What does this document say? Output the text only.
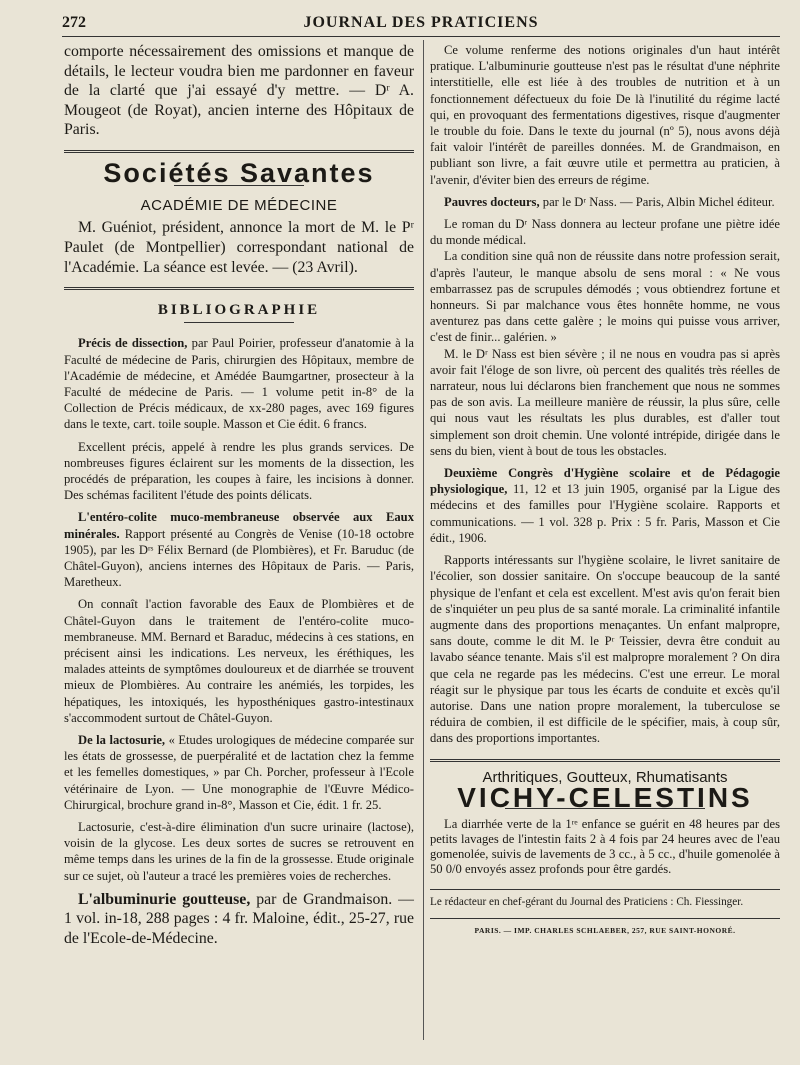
272	JOURNAL DES PRATICIENS

comporte nécessairement des omissions et manque de détails, le lecteur voudra bien me pardonner en faveur de la clarté que j'ai essayé d'y mettre. — Dʳ A. Mougeot (de Royat), ancien interne des Hôpitaux de Paris.

Sociétés Savantes
ACADÉMIE DE MÉDECINE

M. Guéniot, président, annonce la mort de M. le Pʳ Paulet (de Montpellier) correspondant national de l'Académie. La séance est levée. — (23 Avril).

BIBLIOGRAPHIE

Précis de dissection, par Paul Poirier, professeur d'anatomie à la Faculté de médecine de Paris, chirurgien des Hôpitaux, membre de l'Académie de médecine, et Amédée Baumgartner, prosecteur à la Faculté de médecine de Paris. — 1 volume petit in-8° de la Collection de Précis médicaux, de xx-280 pages, avec 169 figures dans le texte, cart. toile souple. Masson et Cie édit. 6 francs.

Excellent précis, appelé à rendre les plus grands services. De nombreuses figures éclairent sur les moments de la dissection, les procédés de préparation, les coupes à faire, les incisions à donner. Des schémas facilitent l'étude des points délicats.

L'entéro-colite muco-membraneuse observée aux Eaux minérales. Rapport présenté au Congrès de Venise (10-18 octobre 1905), par les Dʳˢ Félix Bernard (de Plombières), et Fr. Baruduc (de Châtel-Guyon), anciens internes des Hôpitaux de Paris. — Paris, Maretheux.

On connaît l'action favorable des Eaux de Plombières et de Châtel-Guyon dans le traitement de l'entéro-colite muco-membraneuse. MM. Bernard et Baraduc, médecins à ces stations, en précisent ainsi les indications. Les nerveux, les éréthiques, les malades atteints de symptômes douloureux et de diarrhée se trouvent mieux de Plombières. Au contraire les anémiés, les torpides, les hépatiques, les intoxiqués, les hyposthéniques gastro-intestinaux s'accommodent surtout de Châtel-Guyon.

De la lactosurie, « Etudes urologiques de médecine comparée sur les états de grossesse, de puerpéralité et de lactation chez la femme et les femelles domestiques, » par Ch. Porcher, professeur à l'Ecole vétérinaire de Lyon. — Une monographie de l'Œuvre Médico-Chirurgical, brochure grand in-8°, Masson et Cie, édit. 1 fr. 25.

Lactosurie, c'est-à-dire élimination d'un sucre urinaire (lactose), voisin de la glycose. Les deux sortes de sucres se retrouvent en même temps dans les urines de la fin de la grossesse. Etude originale sur ce sujet, où l'auteur a tracé les premières voies de recherches.

L'albuminurie goutteuse, par de Grandmaison. — 1 vol. in-18, 288 pages : 4 fr. Maloine, édit., 25-27, rue de l'Ecole-de-Médecine.

Ce volume renferme des notions originales d'un haut intérêt pratique. L'albuminurie goutteuse n'est pas le résultat d'une néphrite interstitielle, elle est liée à des troubles de nutrition et à un fonctionnement défectueux du foie De là l'inutilité du régime lacté qui, en provoquant des fermentations digestives, risque d'augmenter le trouble du foie. Dans le texte du journal (nº 5), nous avons déjà fait valoir l'intérêt de pareilles données. M. de Grandmaison, en publiant son livre, a fait œuvre utile et permettra au praticien, à l'avenir, d'éviter bien des erreurs de régime.

Pauvres docteurs, par le Dʳ Nass. — Paris, Albin Michel éditeur.

Le roman du Dʳ Nass donnera au lecteur profane une piètre idée du monde médical.

La condition sine quâ non de réussite dans notre profession serait, d'après l'auteur, le manque absolu de sens moral : « Ne vous embarrassez pas de scrupules démodés ; vous obtiendrez fortune et honneurs. Si par malchance vous êtes honnête homme, ne vous aventurez pas dans cette galère ; le moins qui puisse vous arriver, c'est de finir... galérien. »

M. le Dʳ Nass est bien sévère ; il ne nous en voudra pas si après avoir fait l'éloge de son livre, où percent des qualités très réelles de narrateur, nous lui déclarons bien franchement que nous ne sommes pas de son avis. La meilleure manière de réussir, la plus sûre, celle qui nous vaut les résultats les plus durables, est d'aller tout simplement son droit chemin. Une volonté intrépide, dirigée dans le sens du bien, vient à bout de tous les obstacles.

Deuxième Congrès d'Hygiène scolaire et de Pédagogie physiologique, 11, 12 et 13 juin 1905, organisé par la Ligue des médecins et des familles pour l'Hygiène scolaire. Rapports et communications. — 1 vol. 328 p. Prix : 5 fr. Paris, Masson et Cie édit., 1906.

Rapports intéressants sur l'hygiène scolaire, le livret sanitaire de l'écolier, son dossier sanitaire. On s'occupe beaucoup de la santé physique de l'enfant et cela est excellent. M'est avis qu'on ferait bien de s'inquiéter un peu plus de sa santé morale. La criminalité infantile augmente dans des proportions menaçantes. Un enfant malpropre, sans doute, comme le dit M. le Pʳ Teissier, devra être conduit au lavabo séance tenante. Mais s'il est malpropre moralement ? On dira que cela ne regarde pas les médecins. C'est une erreur. Le moral réagit sur le physique par tous les écarts de conduite et excès qu'il autorise. Dans une nation propre moralement, la tuberculose se réduira de combien, il est difficile de le spécifier, mais, à coup sûr, dans des proportions importantes.

Arthritiques, Goutteux, Rhumatisants
VICHY-CELESTINS

La diarrhée verte de la 1ʳᵉ enfance se guérit en 48 heures par des petits lavages de l'intestin faits 2 à 4 fois par 24 heures avec de l'eau gomenolée, suivis de lavements de 3 cc., à 5 cc., d'huile gomenolée à 50 0/0 envoyés assez profonds pour être gardés.

Le rédacteur en chef-gérant du Journal des Praticiens : Ch. Fiessinger.
PARIS. — IMP. CHARLES SCHLAEBER, 257, RUE SAINT-HONORÉ.
